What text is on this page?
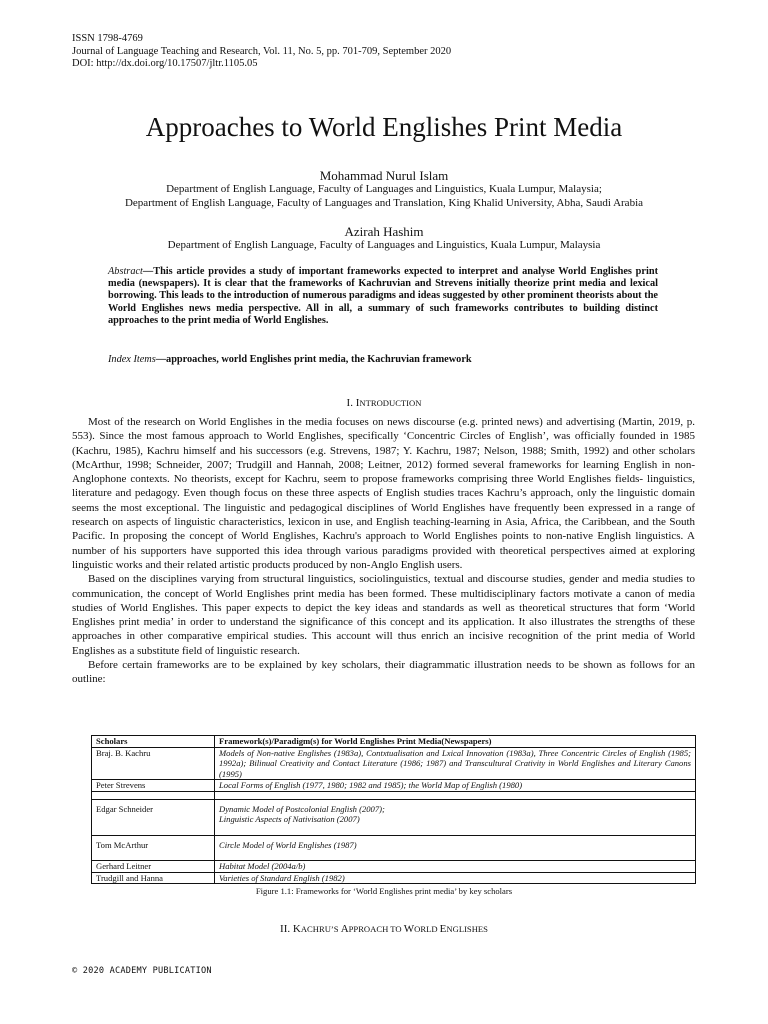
ISSN 1798-4769
Journal of Language Teaching and Research, Vol. 11, No. 5, pp. 701-709, September 2020
DOI: http://dx.doi.org/10.17507/jltr.1105.05
Approaches to World Englishes Print Media
Mohammad Nurul Islam
Department of English Language, Faculty of Languages and Linguistics, Kuala Lumpur, Malaysia;
Department of English Language, Faculty of Languages and Translation, King Khalid University, Abha, Saudi Arabia
Azirah Hashim
Department of English Language, Faculty of Languages and Linguistics, Kuala Lumpur, Malaysia
Abstract—This article provides a study of important frameworks expected to interpret and analyse World Englishes print media (newspapers). It is clear that the frameworks of Kachruvian and Strevens initially theorize print media and lexical borrowing. This leads to the introduction of numerous paradigms and ideas suggested by other prominent theorists about the World Englishes news media perspective. All in all, a summary of such frameworks contributes to building distinct approaches to the print media of World Englishes.
Index Items—approaches, world Englishes print media, the Kachruvian framework
I. INTRODUCTION

Most of the research on World Englishes in the media focuses on news discourse (e.g. printed news) and advertising (Martin, 2019, p. 553). Since the most famous approach to World Englishes, specifically ‘Concentric Circles of English’, was officially founded in 1985 (Kachru, 1985), Kachru himself and his successors (e.g. Strevens, 1987; Y. Kachru, 1987; Nelson, 1988; Smith, 1992) and other scholars (McArthur, 1998; Schneider, 2007; Trudgill and Hannah, 2008; Leitner, 2012) formed several frameworks for learning English in non-Anglophone contexts. No theorists, except for Kachru, seem to propose frameworks comprising three World Englishes fields- linguistics, literature and pedagogy. Even though focus on these three aspects of English studies traces Kachru’s approach, only the linguistic domain seems the most exceptional. The linguistic and pedagogical disciplines of World Englishes have frequently been expressed in a range of research on aspects of linguistic characteristics, lexicon in use, and English teaching-learning in Asia, Africa, the Caribbean, and the South Pacific. In proposing the concept of World Englishes, Kachru's approach to World Englishes points to non-native English linguistics. A number of his supporters have supported this idea through various paradigms provided with theoretical perspectives aimed at exploring linguistic works and their related artistic products produced by non-Anglo English users.

Based on the disciplines varying from structural linguistics, sociolinguistics, textual and discourse studies, gender and media studies to communication, the concept of World Englishes print media has been formed. These multidisciplinary factors motivate a canon of media studies of World Englishes. This paper expects to depict the key ideas and standards as well as theoretical structures that form ‘World Englishes print media’ in order to understand the significance of this concept and its application. It also illustrates the strengths of these approaches in other comparative empirical studies. This account will thus enrich an incisive recognition of the print media of World Englishes as a substitute field of linguistic research.

Before certain frameworks are to be explained by key scholars, their diagrammatic illustration needs to be shown as follows for an outline:

Scholars	Framework(s)/Paradigm(s) for World Englishes Print Media(Newspapers)
Braj. B. Kachru	Models of Non-native Englishes (1983a), Contxtualisation and Lxical Innovation (1983a), Three Concentric Circles of English (1985; 1992a); Bilinual Creativity and Contact Literature (1986; 1987) and Transcultural Crativity in World Englishes and Literary Canons (1995)
Peter Strevens	Local Forms of English (1977, 1980; 1982 and 1985); the World Map of English (1980)

Edgar Schneider	Dynamic Model of Postcolonial English (2007);
Linguistic Aspects of Nativisation (2007)
Tom McArthur	Circle Model of World Englishes (1987)
Gerhard Leitner	Habitat Model (2004a/b)
Trudgill and Hanna	Varieties of Standard English (1982)
Figure 1.1: Frameworks for ‘World Englishes print media’ by key scholars
II. KACHRU’S APPROACH TO WORLD ENGLISHES
© 2020 ACADEMY PUBLICATION
